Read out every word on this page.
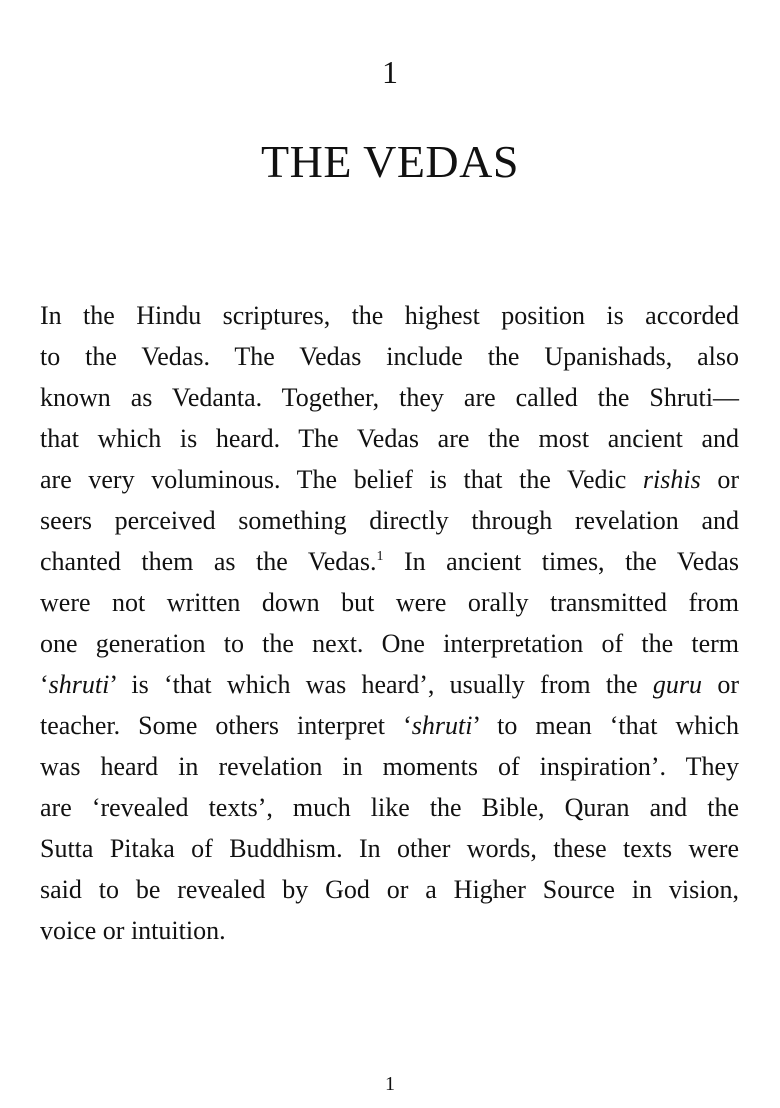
1
THE VEDAS
In the Hindu scriptures, the highest position is accorded
to the Vedas. The Vedas include the Upanishads, also
known as Vedanta. Together, they are called the Shruti—
that which is heard. The Vedas are the most ancient and
are very voluminous. The belief is that the Vedic rishis or
seers perceived something directly through revelation and
chanted them as the Vedas.$^1$ In ancient times, the Vedas
were not written down but were orally transmitted from
one generation to the next. One interpretation of the term
‘shruti’ is ‘that which was heard’, usually from the guru or
teacher. Some others interpret ‘shruti’ to mean ‘that which
was heard in revelation in moments of inspiration’. They
are ‘revealed texts’, much like the Bible, Quran and the
Sutta Pitaka of Buddhism. In other words, these texts were
said to be revealed by God or a Higher Source in vision,
voice or intuition.
1
